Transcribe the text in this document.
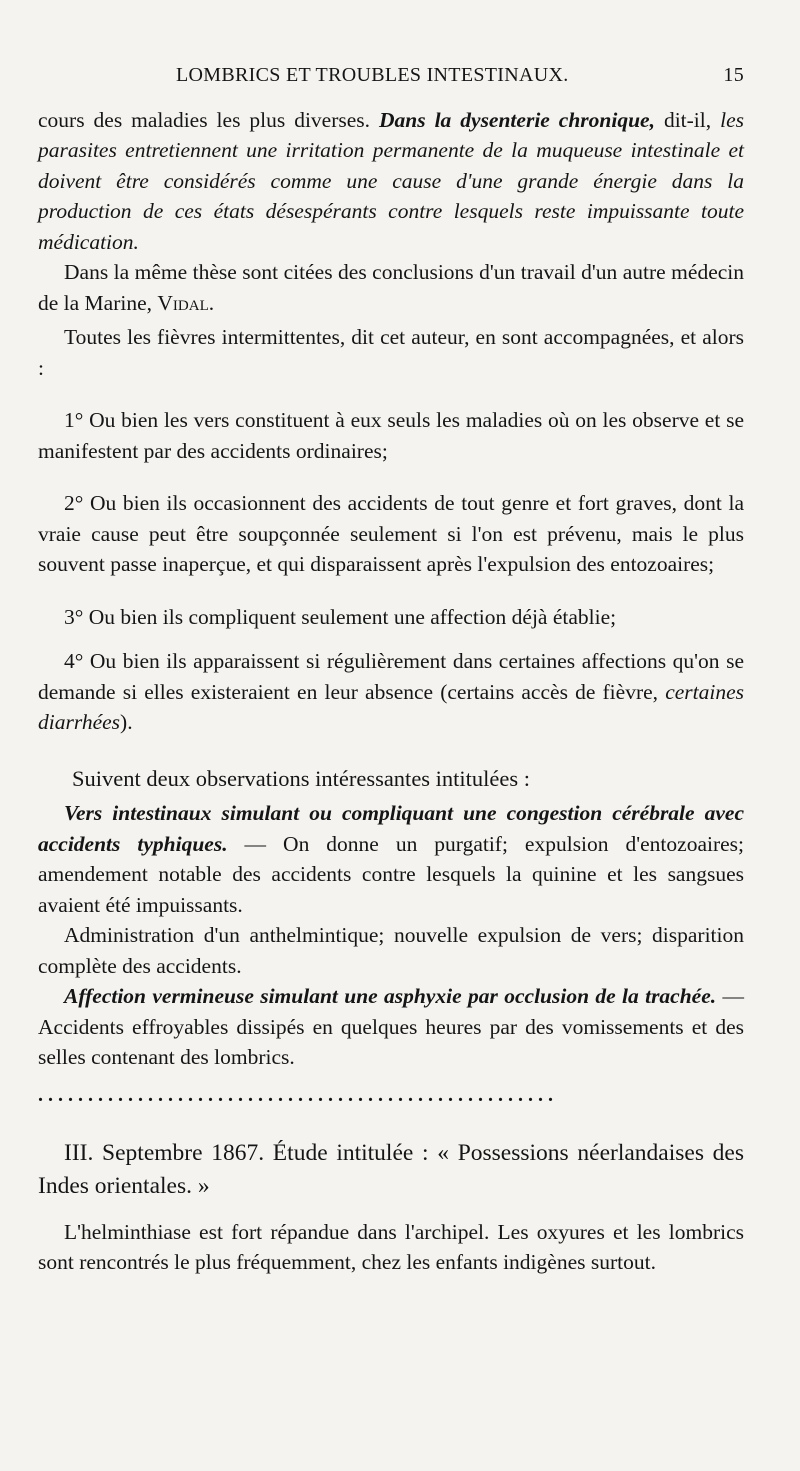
LOMBRICS ET TROUBLES INTESTINAUX.	15

cours des maladies les plus diverses. Dans la dysenterie chronique, dit-il, les parasites entretiennent une irritation permanente de la muqueuse intestinale et doivent être considérés comme une cause d'une grande énergie dans la production de ces états désespérants contre lesquels reste impuissante toute médication.

Dans la même thèse sont citées des conclusions d'un travail d'un autre médecin de la Marine, Vidal.

Toutes les fièvres intermittentes, dit cet auteur, en sont accompagnées, et alors :

1° Ou bien les vers constituent à eux seuls les maladies où on les observe et se manifestent par des accidents ordinaires;

2° Ou bien ils occasionnent des accidents de tout genre et fort graves, dont la vraie cause peut être soupçonnée seulement si l'on est prévenu, mais le plus souvent passe inaperçue, et qui disparaissent après l'expulsion des entozoaires;

3° Ou bien ils compliquent seulement une affection déjà établie;

4° Ou bien ils apparaissent si régulièrement dans certaines affections qu'on se demande si elles existeraient en leur absence (certains accès de fièvre, certaines diarrhées).

Suivent deux observations intéressantes intitulées :

Vers intestinaux simulant ou compliquant une congestion cérébrale avec accidents typhiques. — On donne un purgatif; expulsion d'entozoaires; amendement notable des accidents contre lesquels la quinine et les sangsues avaient été impuissants.

Administration d'un anthelmintique; nouvelle expulsion de vers; disparition complète des accidents.

Affection vermineuse simulant une asphyxie par occlusion de la trachée. — Accidents effroyables dissipés en quelques heures par des vomissements et des selles contenant des lombrics.

. . . . . . . . . . . . . . . . . . . . . . . . . . . . . . . . . . . . . . . . . . . . . . . . . . . .

III. Septembre 1867. Étude intitulée : « Possessions néerlandaises des Indes orientales. »

L'helminthiase est fort répandue dans l'archipel. Les oxyures et les lombrics sont rencontrés le plus fréquemment, chez les enfants indigènes surtout.
